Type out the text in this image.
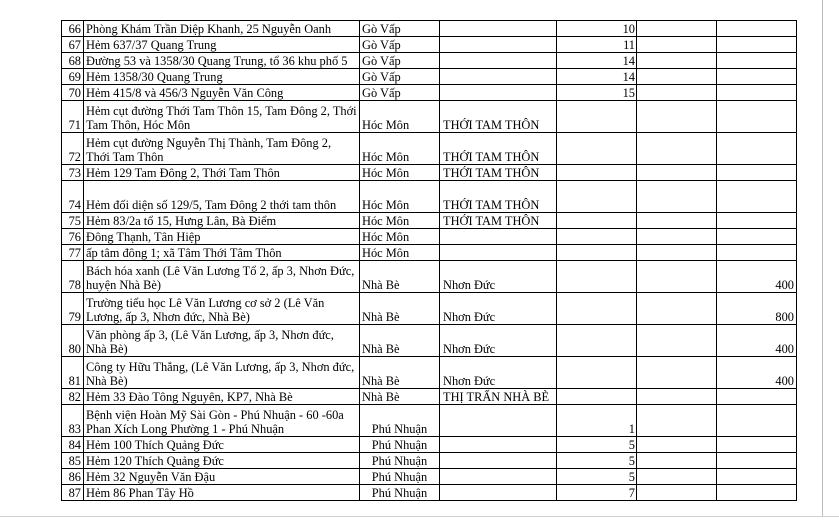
66	Phòng Khám Trần Diệp Khanh, 25 Nguyễn Oanh	Gò Vấp		10		
67	Hẻm 637/37 Quang Trung	Gò Vấp		11		
68	Đường 53 và 1358/30 Quang Trung, tổ 36 khu phố 5	Gò Vấp		14		
69	Hẻm 1358/30 Quang Trung	Gò Vấp		14		
70	Hẻm 415/8 và 456/3 Nguyễn Văn Công	Gò Vấp		15		
71	Hẻm cụt đường Thới Tam Thôn 15, Tam Đông 2, Thới Tam Thôn, Hóc Môn	Hóc Môn	THỚI TAM THÔN			
72	Hẻm cụt đường Nguyễn Thị Thành, Tam Đông 2, Thới Tam Thôn	Hóc Môn	THỚI TAM THÔN			
73	Hẻm 129 Tam Đông 2, Thới Tam Thôn	Hóc Môn	THỚI TAM THÔN			
74	Hẻm đối diện số 129/5, Tam Đông 2 thới tam thôn	Hóc Môn	THỚI TAM THÔN			
75	Hẻm 83/2a tổ 15, Hưng Lân, Bà Điểm	Hóc Môn	THỚI TAM THÔN			
76	Đông Thạnh, Tân Hiệp	Hóc Môn				
77	ấp tâm đông 1; xã Tâm Thới Tâm Thôn	Hóc Môn				
78	Bách hóa xanh (Lê Văn Lương Tổ 2, ấp 3, Nhơn Đức, huyện Nhà Bè)	Nhà Bè	Nhơn Đức			400
79	Trường tiểu học Lê Văn Lương cơ sở 2 (Lê Văn Lương, ấp 3, Nhơn đức, Nhà Bè)	Nhà Bè	Nhơn Đức			800
80	Văn phòng ấp 3, (Lê Văn Lương, ấp 3, Nhơn đức, Nhà Bè)	Nhà Bè	Nhơn Đức			400
81	Công ty Hữu Thắng, (Lê Văn Lương, ấp 3, Nhơn đức, Nhà Bè)	Nhà Bè	Nhơn Đức			400
82	Hẻm 33 Đào Tông Nguyên, KP7, Nhà Bè	Nhà Bè	THỊ TRẤN NHÀ BÈ			
83	Bệnh viện Hoàn Mỹ Sài Gòn - Phú Nhuận - 60 -60a Phan Xích Long Phường 1 - Phú Nhuận	Phú Nhuận		1		
84	Hẻm 100 Thích Quảng Đức	Phú Nhuận		5		
85	Hẻm 120 Thích Quảng Đức	Phú Nhuận		5		
86	Hẻm 32 Nguyễn Văn Đậu	Phú Nhuận		5		
87	Hẻm 86 Phan Tây Hồ	Phú Nhuận		7		
